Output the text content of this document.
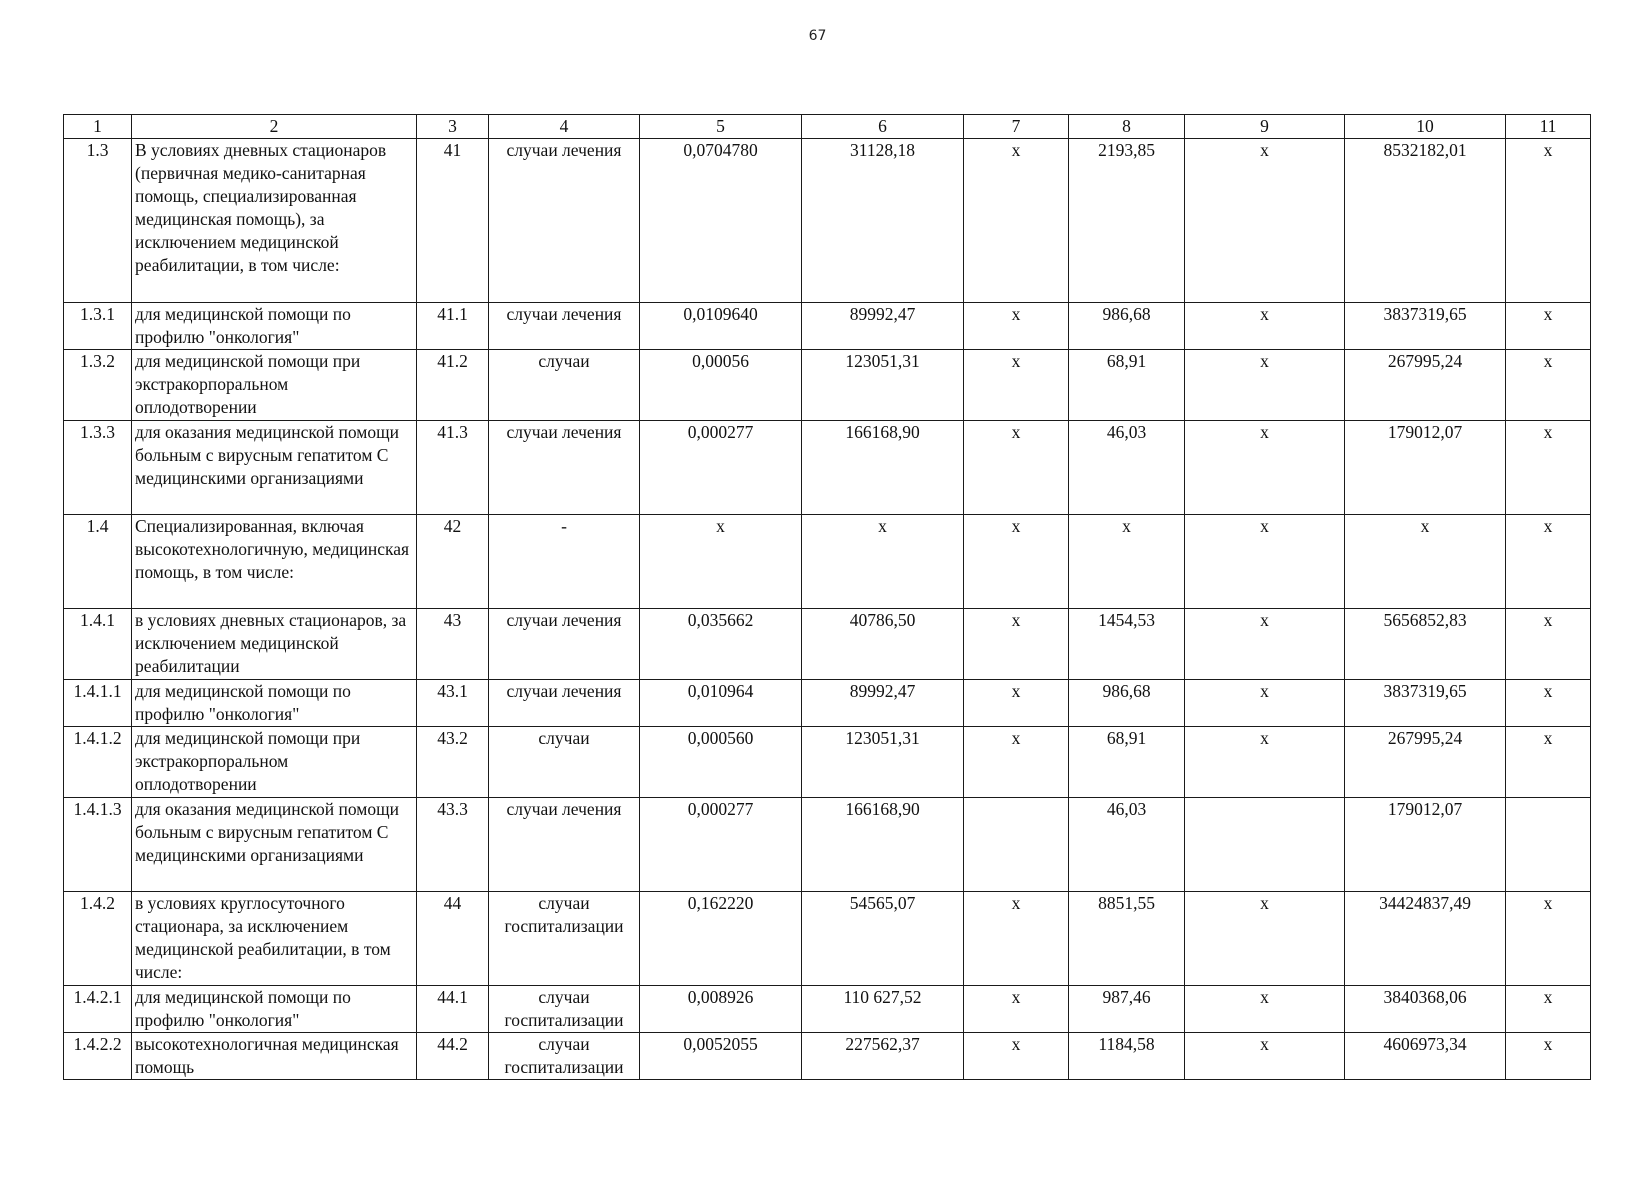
67
1	2	3	4	5	6	7	8	9	10	11
1.3	В условиях дневных стационаров (первичная медико-санитарная помощь, специализированная медицинская помощь), за исключением медицинской реабилитации, в том числе:	41	случаи лечения	0,0704780	31128,18	х	2193,85	х	8532182,01	х
1.3.1	для медицинской помощи по профилю "онкология"	41.1	случаи лечения	0,0109640	89992,47	х	986,68	х	3837319,65	х
1.3.2	для медицинской помощи при экстракорпоральном оплодотворении	41.2	случаи	0,00056	123051,31	х	68,91	х	267995,24	х
1.3.3	для оказания медицинской помощи больным с вирусным гепатитом С медицинскими организациями	41.3	случаи лечения	0,000277	166168,90	х	46,03	х	179012,07	х
1.4	Специализированная, включая высокотехнологичную, медицинская помощь, в том числе:	42	-	х	х	х	х	х	х	х
1.4.1	в условиях дневных стационаров, за исключением медицинской реабилитации	43	случаи лечения	0,035662	40786,50	х	1454,53	х	5656852,83	х
1.4.1.1	для медицинской помощи по профилю "онкология"	43.1	случаи лечения	0,010964	89992,47	х	986,68	х	3837319,65	х
1.4.1.2	для медицинской помощи при экстракорпоральном оплодотворении	43.2	случаи	0,000560	123051,31	х	68,91	х	267995,24	х
1.4.1.3	для оказания медицинской помощи больным с вирусным гепатитом С медицинскими организациями	43.3	случаи лечения	0,000277	166168,90		46,03		179012,07	
1.4.2	в условиях круглосуточного стационара, за исключением медицинской реабилитации, в том числе:	44	случаи госпитализации	0,162220	54565,07	х	8851,55	х	34424837,49	х
1.4.2.1	для медицинской помощи по профилю "онкология"	44.1	случаи госпитализации	0,008926	110 627,52	х	987,46	х	3840368,06	х
1.4.2.2	высокотехнологичная медицинская помощь	44.2	случаи госпитализации	0,0052055	227562,37	х	1184,58	х	4606973,34	х
